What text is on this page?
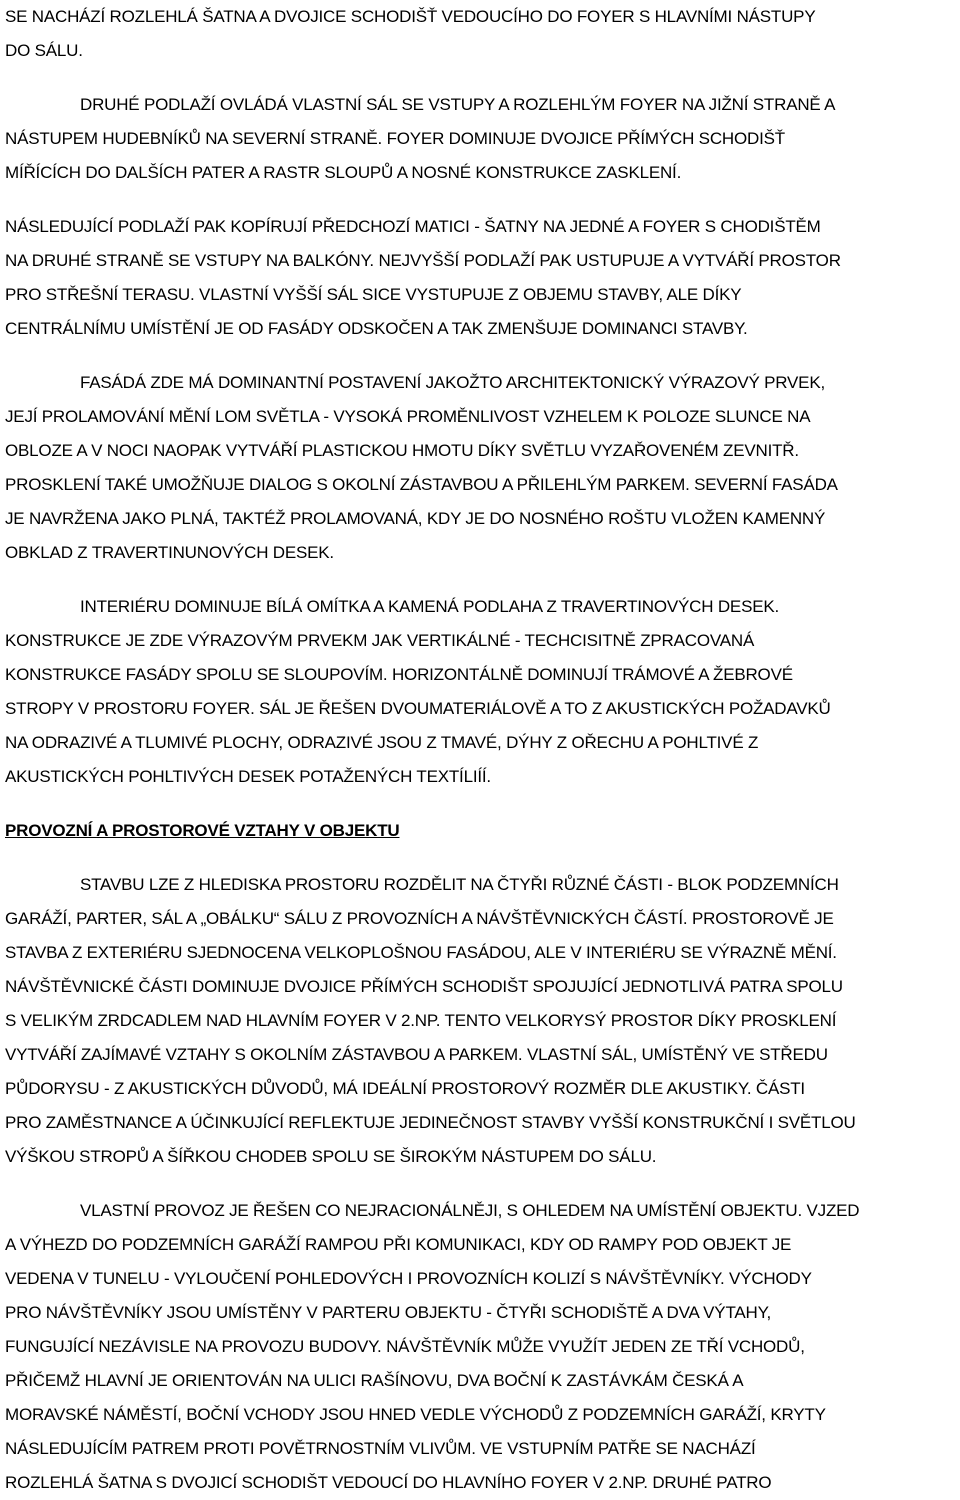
SE NACHÁZÍ ROZLEHLÁ ŠATNA A DVOJICE SCHODIŠŤ VEDOUCÍHO DO FOYER S HLAVNÍMI NÁSTUPY
DO SÁLU.
DRUHÉ PODLAŽÍ OVLÁDÁ VLASTNÍ SÁL SE VSTUPY A ROZLEHLÝM FOYER NA JIŽNÍ STRANĚ A
NÁSTUPEM HUDEBNÍKŮ NA SEVERNÍ STRANĚ. FOYER DOMINUJE DVOJICE PŘÍMÝCH SCHODIŠŤ
MÍŘÍCÍCH DO DALŠÍCH PATER A RASTR SLOUPŮ A NOSNÉ KONSTRUKCE ZASKLENÍ.
NÁSLEDUJÍCÍ PODLAŽÍ PAK KOPÍRUJÍ PŘEDCHOZÍ MATICI - ŠATNY NA JEDNÉ A FOYER S CHODIŠTĚM
NA DRUHÉ STRANĚ SE VSTUPY NA BALKÓNY. NEJVYŠŠÍ PODLAŽÍ PAK USTUPUJE A VYTVÁŘÍ PROSTOR
PRO STŘEŠNÍ TERASU. VLASTNÍ VYŠŠÍ SÁL SICE VYSTUPUJE Z OBJEMU STAVBY, ALE DÍKY
CENTRÁLNÍMU UMÍSTĚNÍ JE OD FASÁDY ODSKOČEN A TAK ZMENŠUJE DOMINANCI STAVBY.
FASÁDÁ ZDE MÁ DOMINANTNÍ POSTAVENÍ JAKOŽTO ARCHITEKTONICKÝ VÝRAZOVÝ PRVEK,
JEJÍ PROLAMOVÁNÍ MĚNÍ LOM SVĚTLA - VYSOKÁ PROMĚNLIVOST VZHELEM K POLOZE SLUNCE NA
OBLOZE A V NOCI NAOPAK VYTVÁŘÍ PLASTICKOU HMOTU DÍKY SVĚTLU VYZAŘOVENÉM ZEVNITŘ.
PROSKLENÍ TAKÉ UMOŽŇUJE DIALOG S OKOLNÍ ZÁSTAVBOU A PŘILEHLÝM PARKEM. SEVERNÍ FASÁDA
JE NAVRŽENA JAKO PLNÁ, TAKTÉŽ PROLAMOVANÁ, KDY JE DO NOSNÉHO ROŠTU VLOŽEN KAMENNÝ
OBKLAD Z TRAVERTINUNOVÝCH DESEK.
INTERIÉRU DOMINUJE BÍLÁ OMÍTKA A KAMENÁ PODLAHA Z TRAVERTINOVÝCH DESEK.
KONSTRUKCE JE ZDE VÝRAZOVÝM PRVEKM JAK VERTIKÁLNÉ - TECHCISITNĚ ZPRACOVANÁ
KONSTRUKCE FASÁDY SPOLU SE SLOUPOVÍM. HORIZONTÁLNĚ DOMINUJÍ TRÁMOVÉ A ŽEBROVÉ
STROPY V PROSTORU FOYER. SÁL JE ŘEŠEN DVOUMATERIÁLOVĚ A TO Z AKUSTICKÝCH POŽADAVKŮ
NA ODRAZIVÉ A TLUMIVÉ PLOCHY, ODRAZIVÉ JSOU Z TMAVÉ, DÝHY Z OŘECHU A POHLTIVÉ Z
AKUSTICKÝCH POHLTIVÝCH DESEK POTAŽENÝCH TEXTÍLIÍÍ.
PROVOZNÍ A PROSTOROVÉ VZTAHY V OBJEKTU
STAVBU LZE Z HLEDISKA PROSTORU ROZDĚLIT NA ČTYŘI RŮZNÉ ČÁSTI - BLOK PODZEMNÍCH
GARÁŽÍ, PARTER, SÁL A „OBÁLKU“ SÁLU Z PROVOZNÍCH A NÁVŠTĚVNICKÝCH ČÁSTÍ. PROSTOROVĚ JE
STAVBA Z EXTERIÉRU SJEDNOCENA VELKOPLOŠNOU FASÁDOU, ALE V INTERIÉRU SE VÝRAZNĚ MĚNÍ.
NÁVŠTĚVNICKÉ ČÁSTI DOMINUJE DVOJICE PŘÍMÝCH SCHODIŠT SPOJUJÍCÍ JEDNOTLIVÁ PATRA SPOLU
S VELIKÝM ZRDCADLEM NAD HLAVNÍM FOYER V 2.NP. TENTO VELKORYSÝ PROSTOR DÍKY PROSKLENÍ
VYTVÁŘÍ ZAJÍMAVÉ VZTAHY S OKOLNÍM ZÁSTAVBOU A PARKEM. VLASTNÍ SÁL, UMÍSTĚNÝ VE STŘEDU
PŮDORYSU - Z AKUSTICKÝCH DŮVODŮ, MÁ IDEÁLNÍ PROSTOROVÝ ROZMĚR DLE AKUSTIKY. ČÁSTI
PRO ZAMĚSTNANCE A ÚČINKUJÍCÍ REFLEKTUJE JEDINEČNOST STAVBY VYŠŠÍ KONSTRUKČNÍ I SVĚTLOU
VÝŠKOU STROPŮ A ŠÍŘKOU CHODEB SPOLU SE ŠIROKÝM NÁSTUPEM DO SÁLU.
VLASTNÍ PROVOZ JE ŘEŠEN CO NEJRACIONÁLNĚJI, S OHLEDEM NA UMÍSTĚNÍ OBJEKTU. VJZED
A VÝHEZD DO PODZEMNÍCH GARÁŽÍ RAMPOU PŘI KOMUNIKACI, KDY OD RAMPY POD OBJEKT JE
VEDENA V TUNELU - VYLOUČENÍ POHLEDOVÝCH I PROVOZNÍCH KOLIZÍ S NÁVŠTĚVNÍKY. VÝCHODY
PRO NÁVŠTĚVNÍKY JSOU UMÍSTĚNY V PARTERU OBJEKTU - ČTYŘI SCHODIŠTĚ A DVA VÝTAHY,
FUNGUJÍCÍ NEZÁVISLE NA PROVOZU BUDOVY. NÁVŠTĚVNÍK MŮŽE VYUŽÍT JEDEN ZE TŘÍ VCHODŮ,
PŘIČEMŽ HLAVNÍ JE ORIENTOVÁN NA ULICI RAŠÍNOVU, DVA BOČNÍ K ZASTÁVKÁM ČESKÁ A
MORAVSKÉ NÁMĚSTÍ, BOČNÍ VCHODY JSOU HNED VEDLE VÝCHODŮ Z PODZEMNÍCH GARÁŽÍ, KRYTY
NÁSLEDUJÍCÍM PATREM PROTI POVĚTRNOSTNÍM VLIVŮM. VE VSTUPNÍM PATŘE SE NACHÁZÍ
ROZLEHLÁ ŠATNA S DVOJICÍ SCHODIŠT VEDOUCÍ DO HLAVNÍHO FOYER V 2.NP. DRUHÉ PATRO
